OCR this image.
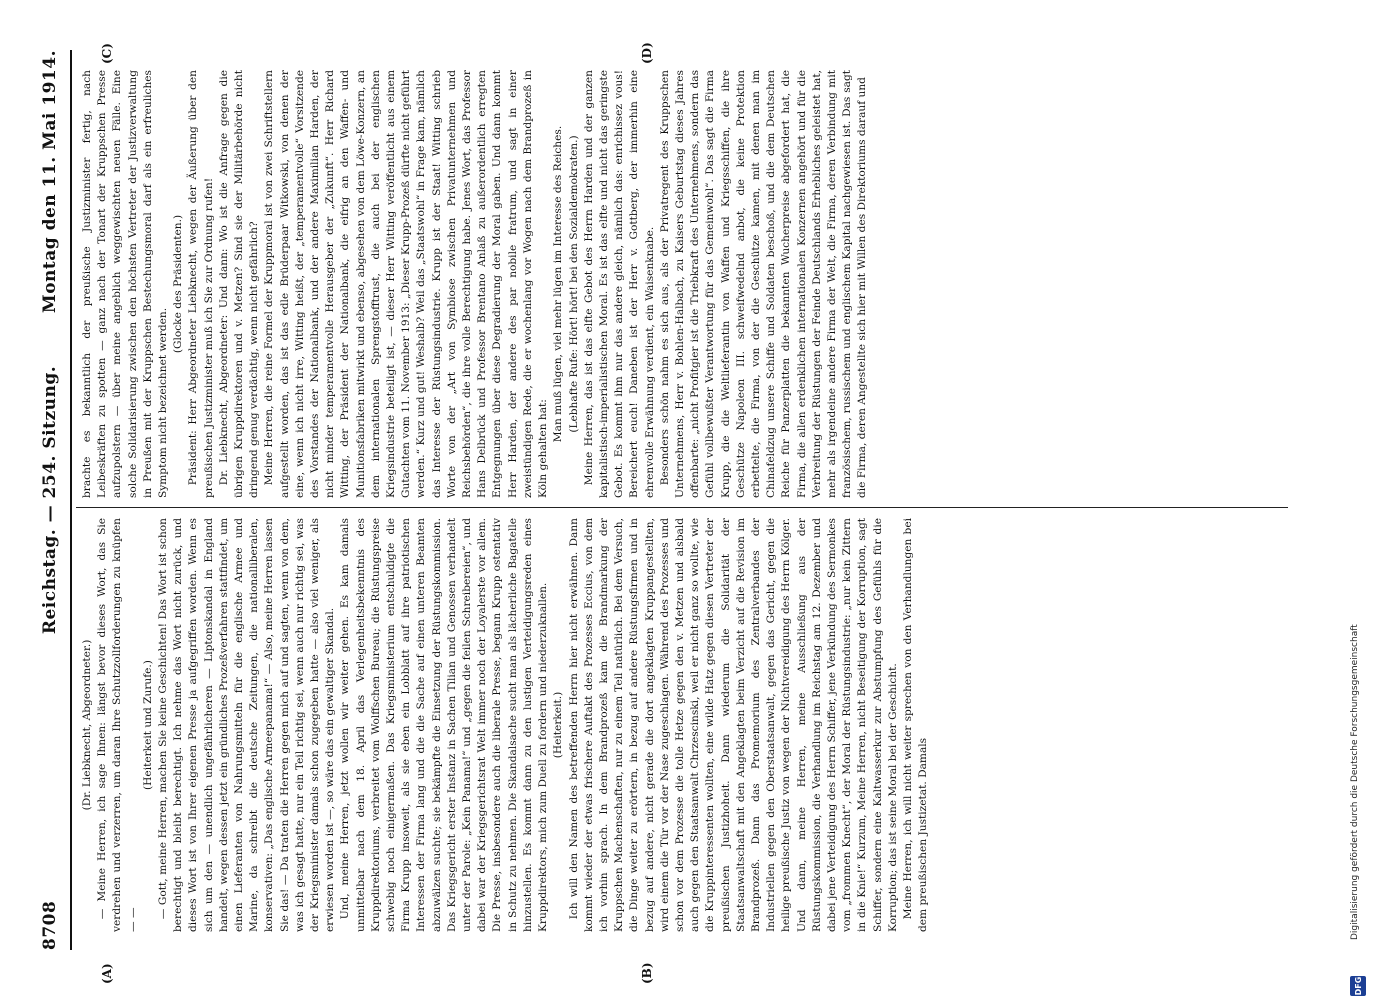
8708
Reichstag. — 254. Sitzung.
Montag den 11. Mai 1914.

(Dr. Liebknecht, Abgeordneter.) — Meine Herren, ich sage Ihnen: längst bevor dieses Wort, das Sie verdrehen und verzerren, um daran Ihre Schutzzollforderungen zu knüpfen — —

(Heiterkeit und Zurufe.) — Gott, meine Herren, machen Sie keine Geschichten! Das Wort ist schon berechtigt und bleibt berechtigt. Ich nehme das Wort nicht zurück, und dieses Wort ist von Ihrer eigenen Presse ja aufgegriffen worden. Wenn es sich um den — unendlich ungefährlicheren — Liptonskandal in England handelt, wegen dessen jetzt ein gründliches Prozeßverfahren stattfindet, um einen Lieferanten von Nahrungsmitteln für die englische Armee und Marine, da schreibt die deutsche Zeitungen, die nationalliberalen, konservativen: „Das englische Armeepanama!“ — Also, meine Herren lassen Sie das! — Da traten die Herren gegen mich auf und sagten, wenn von dem, was ich gesagt hatte, nur ein Teil richtig sei, wenn auch nur richtig sei, was der Kriegsminister damals schon zugegeben hatte — also viel weniger, als erwiesen worden ist —, so wäre das ein gewaltiger Skandal. Und, meine Herren, jetzt wollen wir weiter gehen. Es kam damals unmittelbar nach dem 18. April das Verlegenheitsbekenntnis des Kruppdirektoriums, verbreitet vom Wolffschen Bureau; die Rüstungspreise schwebig noch einigermaßen. Das Kriegsministerium entschuldigte die Firma Krupp insoweit, als sie eben ein Lobblatt auf ihre patriotischen Interessen der Firma lang und die die Sache auf einen unteren Beamten abzuwälzen suchte; sie bekämpfte die Einsetzung der Rüstungskommission. Das Kriegsgericht erster Instanz in Sachen Tilian und Genossen verhandelt unter der Parole: „Kein Panama!“ und „gegen die feilen Schreibereien“, und dabei war der Kriegsgerichtsrat Welt immer noch der Loyalerste vor allem. Die Presse, insbesondere auch die liberale Presse, begann Krupp ostentativ in Schutz zu nehmen. Die Skandalsache sucht man als lächerliche Bagatelle hinzustellen. Es kommt dann zu den lustigen Verteidigungsreden eines Kruppdirektors, mich zum Duell zu fordern und niederzuknallen. (Heiterkeit.) Ich will den Namen des betreffenden Herrn hier nicht erwähnen. Dann kommt wieder der etwas frischere Auftakt des Prozesses Eccius, von dem ich vorhin sprach. In dem Brandprozeß kam die Brandmarkung der Kruppschen Machenschaften, nur zu einem Teil natürlich. Bei dem Versuch, die Dinge weiter zu erörtern, in bezug auf andere Rüstungsfirmen und in bezug auf andere, nicht gerade die dort angeklagten Kruppangestellten, wird einem die Tür vor der Nase zugeschlagen. Während des Prozesses und schon vor dem Prozesse die tolle Hetze gegen den v. Metzen und alsbald auch gegen den Staatsanwalt Chrzescinski, weil er nicht ganz so wollte, wie die Kruppinteressenten wollten, eine wilde Hatz gegen diesen Vertreter der preußischen Justizhoheit. Dann wiederum die Solidarität der Staatsanwaltschaft mit den Angeklagten beim Verzicht auf die Revision im Brandprozeß. Dann das Promemorium des Zentralverbandes der Industriellen gegen den Oberstaatsanwalt, gegen das Gericht, gegen die heilige preußische Justiz von wegen der Nichtvereidigung des Herrn Kölger. Und dann, meine Herren, meine Ausschließung aus der Rüstungskommission, die Verhandlung im Reichstag am 12. Dezember und dabei jene Verteidigung des Herrn Schiffer, jene Verkündung des Sermonkes vom „frommen Knecht“, der Moral der Rüstungsindustrie: „nur kein Zittern in die Knie!“ Kurzum, Meine Herren, nicht Beseitigung der Korruption, sagt Schiffer, sondern eine Kaltwasserkur zur Abstumpfung des Gefühls für die Korruption; das ist seine Moral bei der Geschicht. Meine Herren, ich will nicht weiter sprechen von den Verhandlungen bei dem preußischen Justizetat. Damals

brachte es bekanntlich der preußische Justizminister fertig, nach Leibeskräften zu spotten — ganz nach der Tonart der Kruppschen Presse aufzupolstern — über meine angeblich weggewischten neuen Fälle. Eine solche Solidarisierung zwischen den höchsten Vertreter der Justizverwaltung in Preußen mit der Kruppschen Bestechungsmoral darf als ein erfreuliches Symptom nicht bezeichnet werden.

(Glocke des Präsidenten.) Präsident: Herr Abgeordneter Liebknecht, wegen der Äußerung über den preußischen Justizminister muß ich Sie zur Ordnung rufen! Dr. Liebknecht, Abgeordneter: Und dann: Wo ist die Anfrage gegen die übrigen Kruppdirektoren und v. Metzen? Sind sie der Militärbehörde nicht dringend genug verdächtig, wenn nicht gefährlich? Meine Herren, die reine Formel der Kruppmoral ist von zwei Schriftstellern aufgestellt worden, das ist das edle Brüderpaar Witkowski, von denen der eine, wenn ich nicht irre, Witting heißt, der „temperamentvolle“ Vorsitzende des Vorstandes der Nationalbank, und der andere Maximilian Harden, der nicht minder temperamentvolle Herausgeber der „Zukunft“. Herr Richard Witting, der Präsident der Nationalbank, die eifrig an den Waffen- und Munitionsfabriken mitwirkt und ebenso, abgesehen von dem Löwe-Konzern, an dem internationalen Sprengstofftrust, die auch bei der englischen Kriegsindustrie beteiligt ist, — dieser Herr Witting veröffentlicht aus einem Gutachten vom 11. November 1913: „Dieser Krupp-Prozeß dürfte nicht geführt werden.“ Kurz und gut! Weshalb? Weil das „Staatswohl“ in Frage kam, nämlich das Interesse der Rüstungsindustrie. Krupp ist der Staat! Witting schrieb Worte von der „Art von Symbiose zwischen Privatunternehmen und Reichsbehörden“, die ihre volle Berechtigung habe. Jenes Wort, das Professor Hans Delbrück und Professor Brentano Anlaß zu außerordentlich erregten Entgegnungen über diese Degradierung der Moral gaben. Und dann kommt Herr Harden, der andere des par nobile fratrum, und sagt in einer zweistündigen Rede, die er wochenlang vor Wogen nach dem Brandprozeß in Köln gehalten hat:

Man muß lügen, viel mehr lügen im Interesse des Reiches. (Lebhafte Rufe: Hört! hört! bei den Sozialdemokraten.) Meine Herren, das ist das elfte Gebot des Herrn Harden und der ganzen kapitalistisch-imperialistischen Moral. Es ist das elfte und nicht das geringste Gebot. Es kommt ihm nur das andere gleich, nämlich das: enrichissez vous! Bereichert euch! Daneben ist der Herr v. Gottberg, der immerhin eine ehrenvolle Erwähnung verdient, ein Waisenknabe. Besonders schön nahm es sich aus, als der Privatregent des Kruppschen Unternehmens, Herr v. Bohlen-Halbach, zu Kaisers Geburtstag dieses Jahres offenbarte: „nicht Profitgier ist die Triebkraft des Unternehmens, sondern das Gefühl vollbewußter Verantwortung für das Gemeinwohl“. Das sagt die Firma Krupp, die die Weltlieferantin von Waffen und Kriegsschiffen, die ihre Geschütze Napoleon III. schweifwedelnd anbot, die keine Protektion erbettelte, die Firma, von der die Geschütze kamen, mit denen man im Chinafeldzug unsere Schiffe und Soldaten beschoß, und die dem Deutschen Reiche für Panzerplatten die bekannten Wucherpreise abgefordert hat, die Firma, die allen erdenklichen internationalen Konzernen angehört und für die Verbreitung der Rüstungen der Feinde Deutschlands Erhebliches geleistet hat, mehr als irgendeine andere Firma der Welt, die Firma, deren Verbindung mit französischem, russischem und englischem Kapital nachgewiesen ist. Das sagt die Firma, deren Angestellte sich hier mit Willen des Direktoriums darauf und

(A)	(B)
(C)	(D)
DFG
Digitalisierung gefördert durch die Deutsche Forschungsgemeinschaft
